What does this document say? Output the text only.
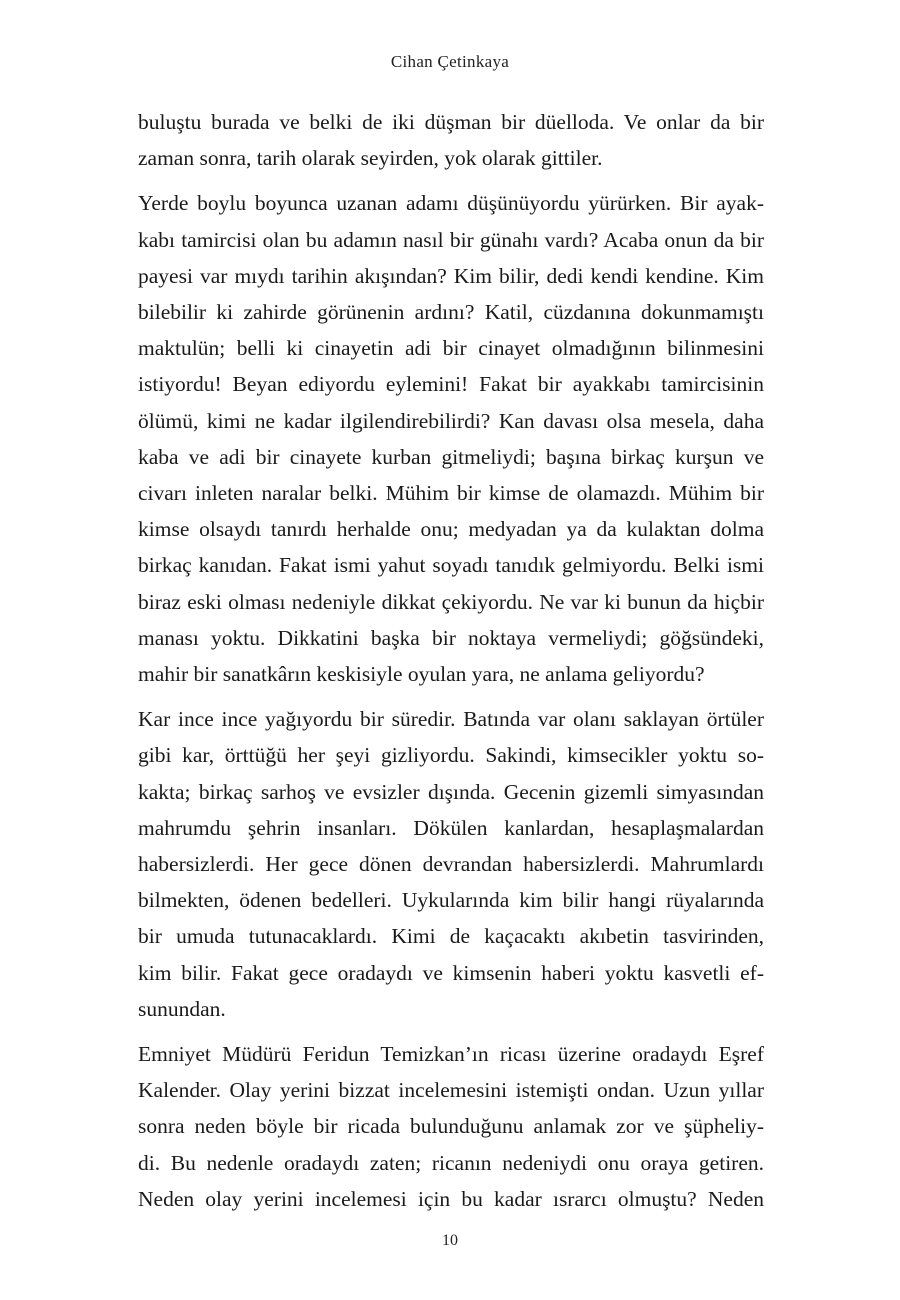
Cihan Çetinkaya

buluştu burada ve belki de iki düşman bir düelloda. Ve onlar da bir
zaman sonra, tarih olarak seyirden, yok olarak gittiler.

Yerde boylu boyunca uzanan adamı düşünüyordu yürürken. Bir ayak-
kabı tamircisi olan bu adamın nasıl bir günahı vardı? Acaba onun da bir
payesi var mıydı tarihin akışından? Kim bilir, dedi kendi kendine. Kim
bilebilir ki zahirde görünenin ardını? Katil, cüzdanına dokunmamıştı
maktulün; belli ki cinayetin adi bir cinayet olmadığının bilinmesini
istiyordu! Beyan ediyordu eylemini! Fakat bir ayakkabı tamircisinin
ölümü, kimi ne kadar ilgilendirebilirdi? Kan davası olsa mesela, daha
kaba ve adi bir cinayete kurban gitmeliydi; başına birkaç kurşun ve
civarı inleten naralar belki. Mühim bir kimse de olamazdı. Mühim bir
kimse olsaydı tanırdı herhalde onu; medyadan ya da kulaktan dolma
birkaç kanıdan. Fakat ismi yahut soyadı tanıdık gelmiyordu. Belki ismi
biraz eski olması nedeniyle dikkat çekiyordu. Ne var ki bunun da hiçbir
manası yoktu. Dikkatini başka bir noktaya vermeliydi; göğsündeki,
mahir bir sanatkârın keskisiyle oyulan yara, ne anlama geliyordu?

Kar ince ince yağıyordu bir süredir. Batında var olanı saklayan örtüler
gibi kar, örttüğü her şeyi gizliyordu. Sakindi, kimsecikler yoktu so-
kakta; birkaç sarhoş ve evsizler dışında. Gecenin gizemli simyasından
mahrumdu şehrin insanları. Dökülen kanlardan, hesaplaşmalardan
habersizlerdi. Her gece dönen devrandan habersizlerdi. Mahrumlardı
bilmekten, ödenen bedelleri. Uykularında kim bilir hangi rüyalarında
bir umuda tutunacaklardı. Kimi de kaçacaktı akıbetin tasvirinden,
kim bilir. Fakat gece oradaydı ve kimsenin haberi yoktu kasvetli ef-
sunundan.

Emniyet Müdürü Feridun Temizkan’ın ricası üzerine oradaydı Eşref
Kalender. Olay yerini bizzat incelemesini istemişti ondan. Uzun yıllar
sonra neden böyle bir ricada bulunduğunu anlamak zor ve şüpheliy-
di. Bu nedenle oradaydı zaten; ricanın nedeniydi onu oraya getiren.
Neden olay yerini incelemesi için bu kadar ısrarcı olmuştu? Neden

10
